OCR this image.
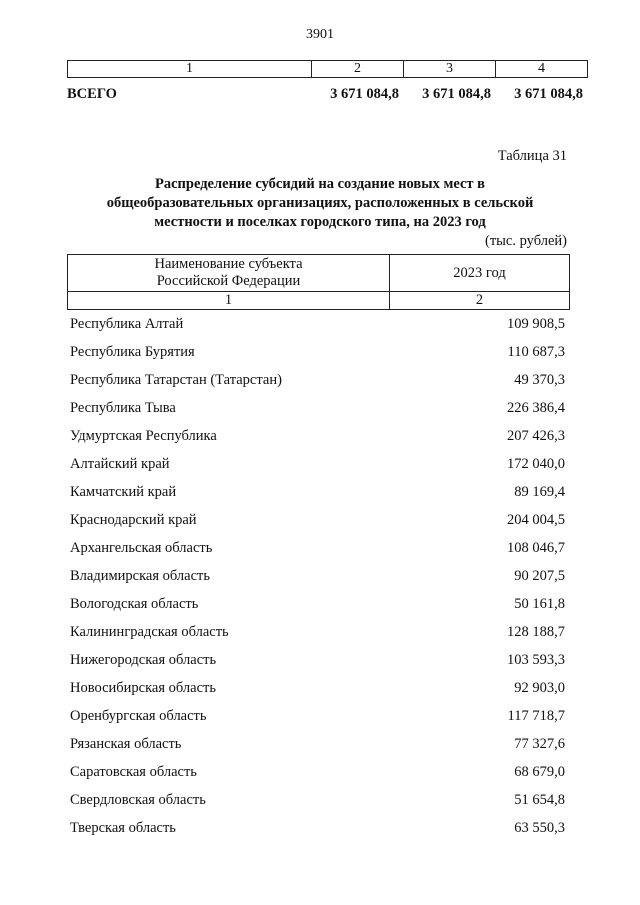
3901
1	2	3	4
ВСЕГО	3 671 084,8	3 671 084,8	3 671 084,8
Таблица 31
Распределение субсидий на создание новых мест в общеобразовательных организациях, расположенных в сельской местности и поселках городского типа, на 2023 год
(тыс. рублей)
Наименование субъекта Российской Федерации	2023 год
1	2
Республика Алтай	109 908,5
Республика Бурятия	110 687,3
Республика Татарстан (Татарстан)	49 370,3
Республика Тыва	226 386,4
Удмуртская Республика	207 426,3
Алтайский край	172 040,0
Камчатский край	89 169,4
Краснодарский край	204 004,5
Архангельская область	108 046,7
Владимирская область	90 207,5
Вологодская область	50 161,8
Калининградская область	128 188,7
Нижегородская область	103 593,3
Новосибирская область	92 903,0
Оренбургская область	117 718,7
Рязанская область	77 327,6
Саратовская область	68 679,0
Свердловская область	51 654,8
Тверская область	63 550,3
